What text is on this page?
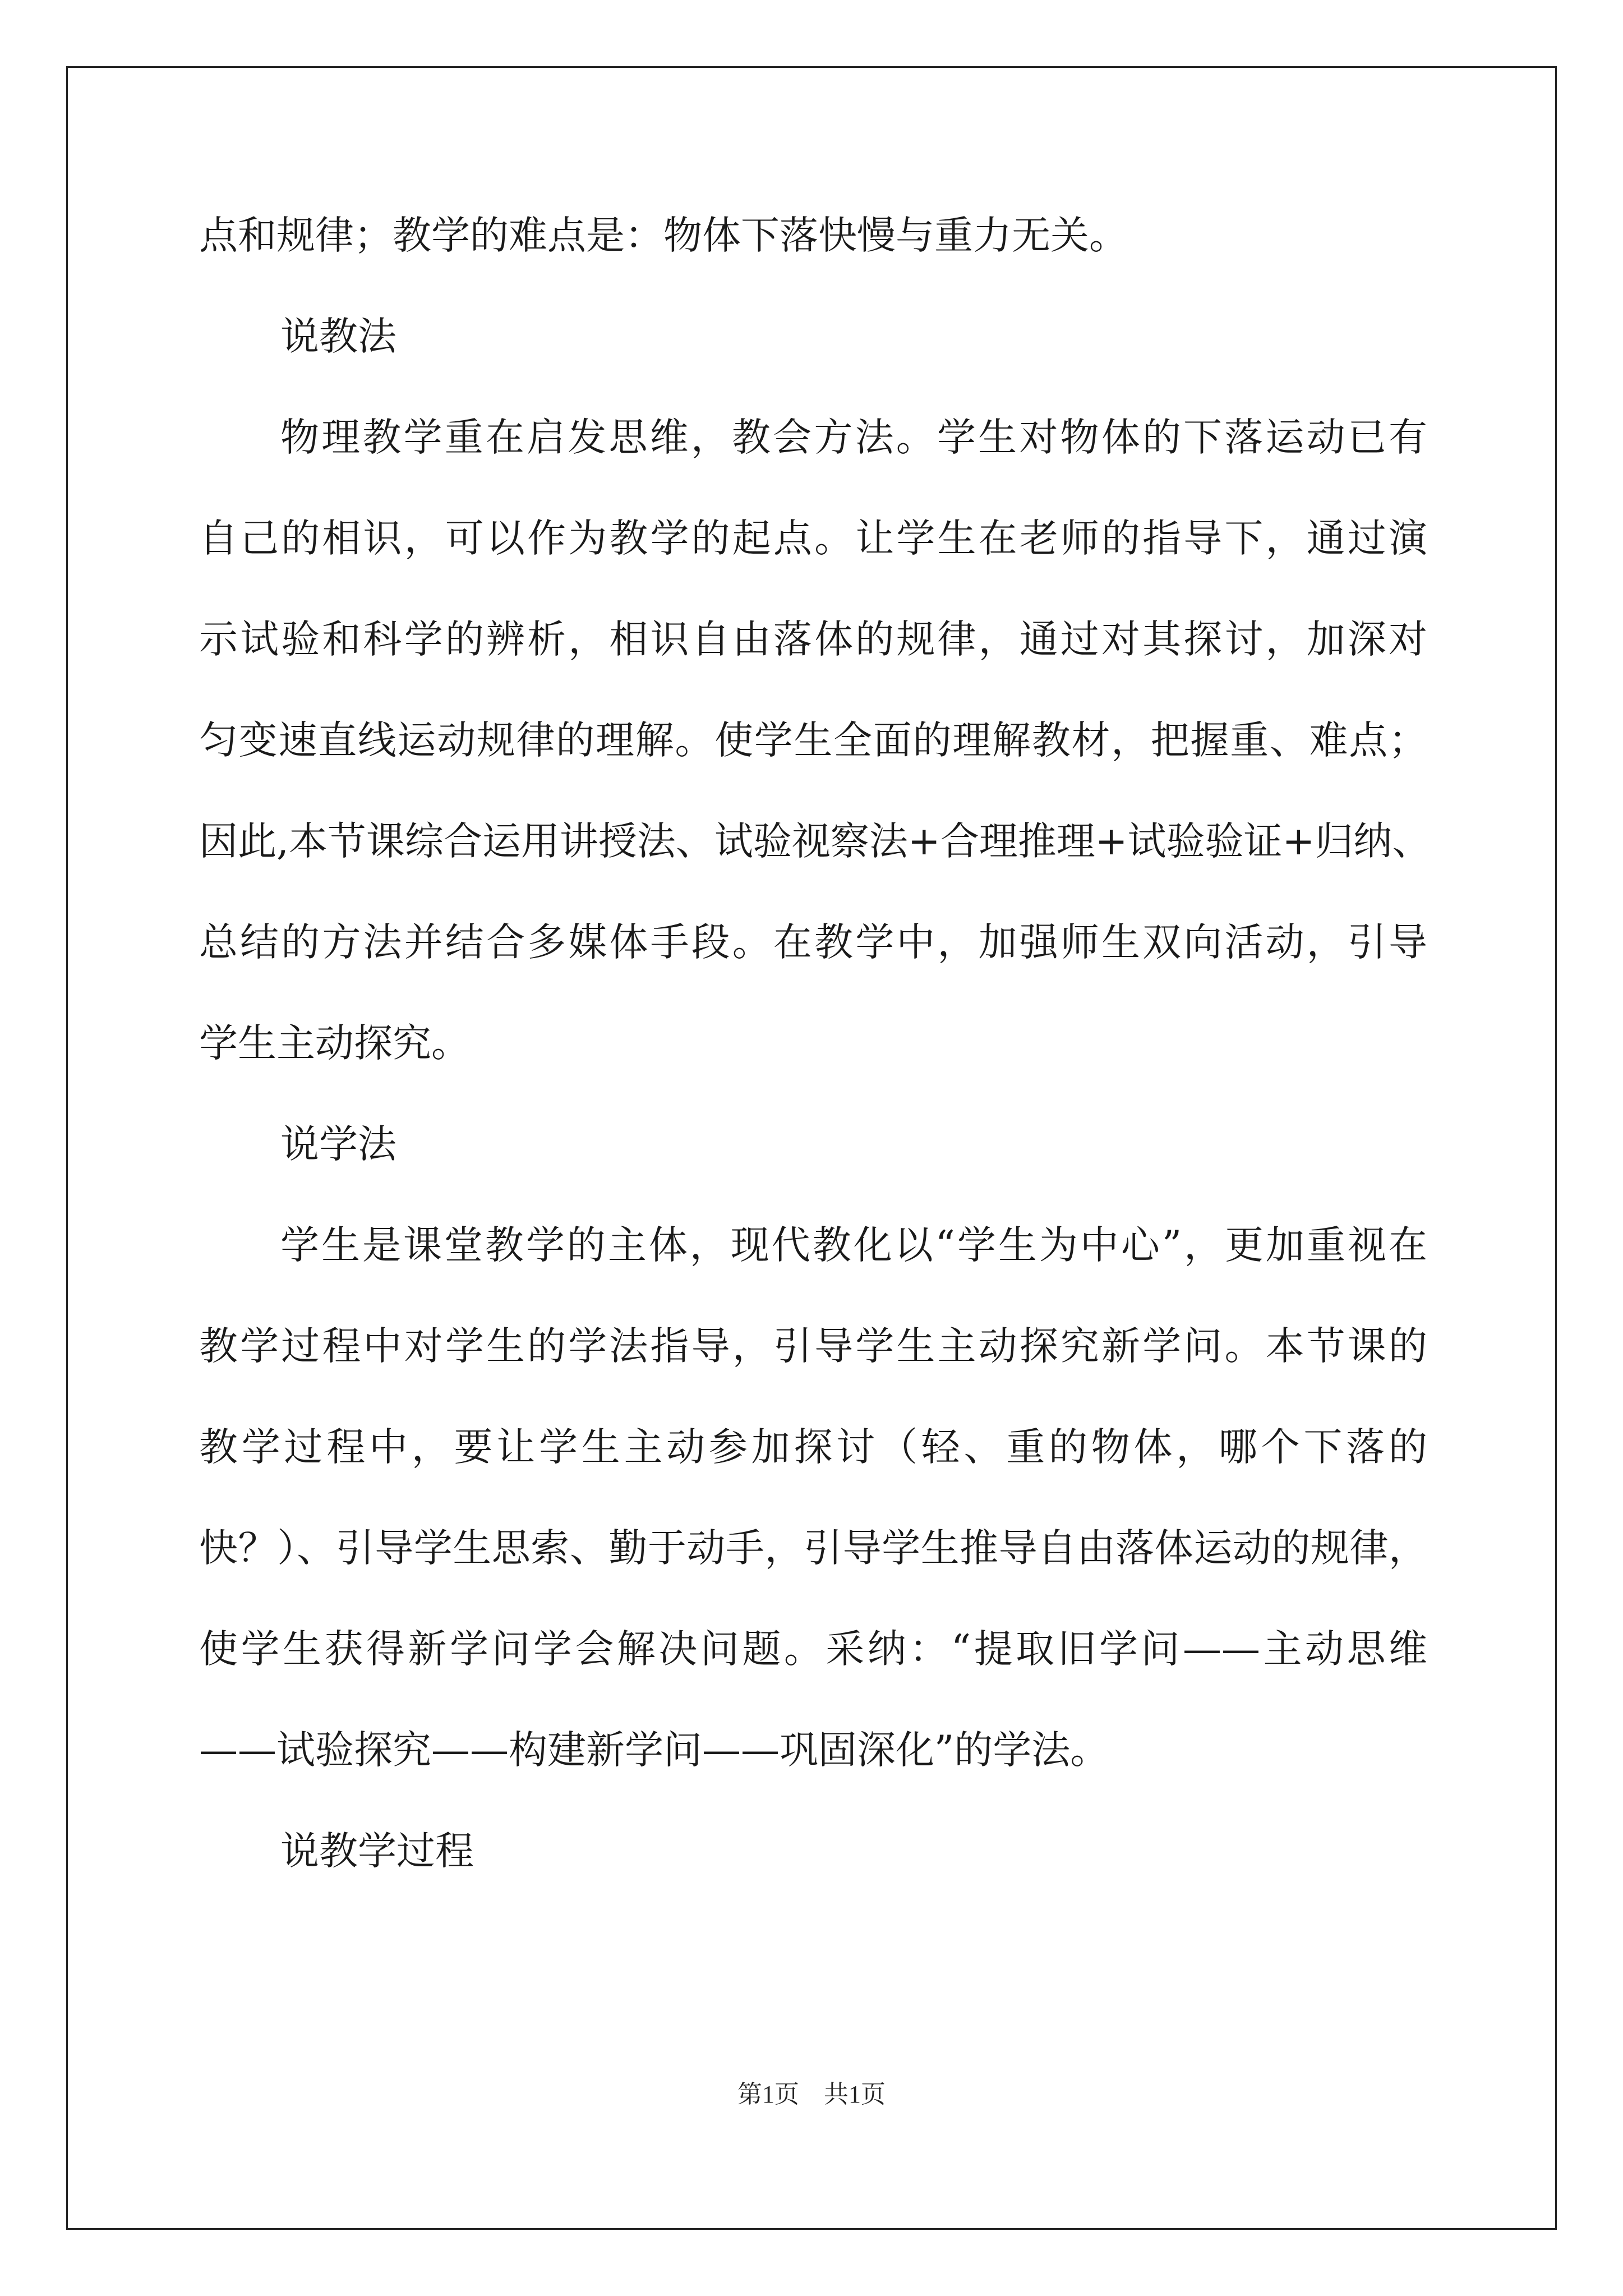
点和规律；教学的难点是：物体下落快慢与重力无关。
说教法
物理教学重在启发思维，教会方法。学生对物体的下落运动已有
自己的相识，可以作为教学的起点。让学生在老师的指导下，通过演
示试验和科学的辨析，相识自由落体的规律，通过对其探讨，加深对
匀变速直线运动规律的理解。使学生全面的理解教材，把握重、难点；
因此,本节课综合运用讲授法、试验视察法+合理推理+试验验证+归纳、
总结的方法并结合多媒体手段。在教学中，加强师生双向活动，引导
学生主动探究。
说学法
学生是课堂教学的主体，现代教化以“学生为中心”，更加重视在
教学过程中对学生的学法指导，引导学生主动探究新学问。本节课的
教学过程中，要让学生主动参加探讨（轻、重的物体，哪个下落的
快？）、引导学生思索、勤于动手，引导学生推导自由落体运动的规律，
使学生获得新学问学会解决问题。采纳：“提取旧学问——主动思维
——试验探究——构建新学问——巩固深化”的学法。
说教学过程
第1页　共1页
